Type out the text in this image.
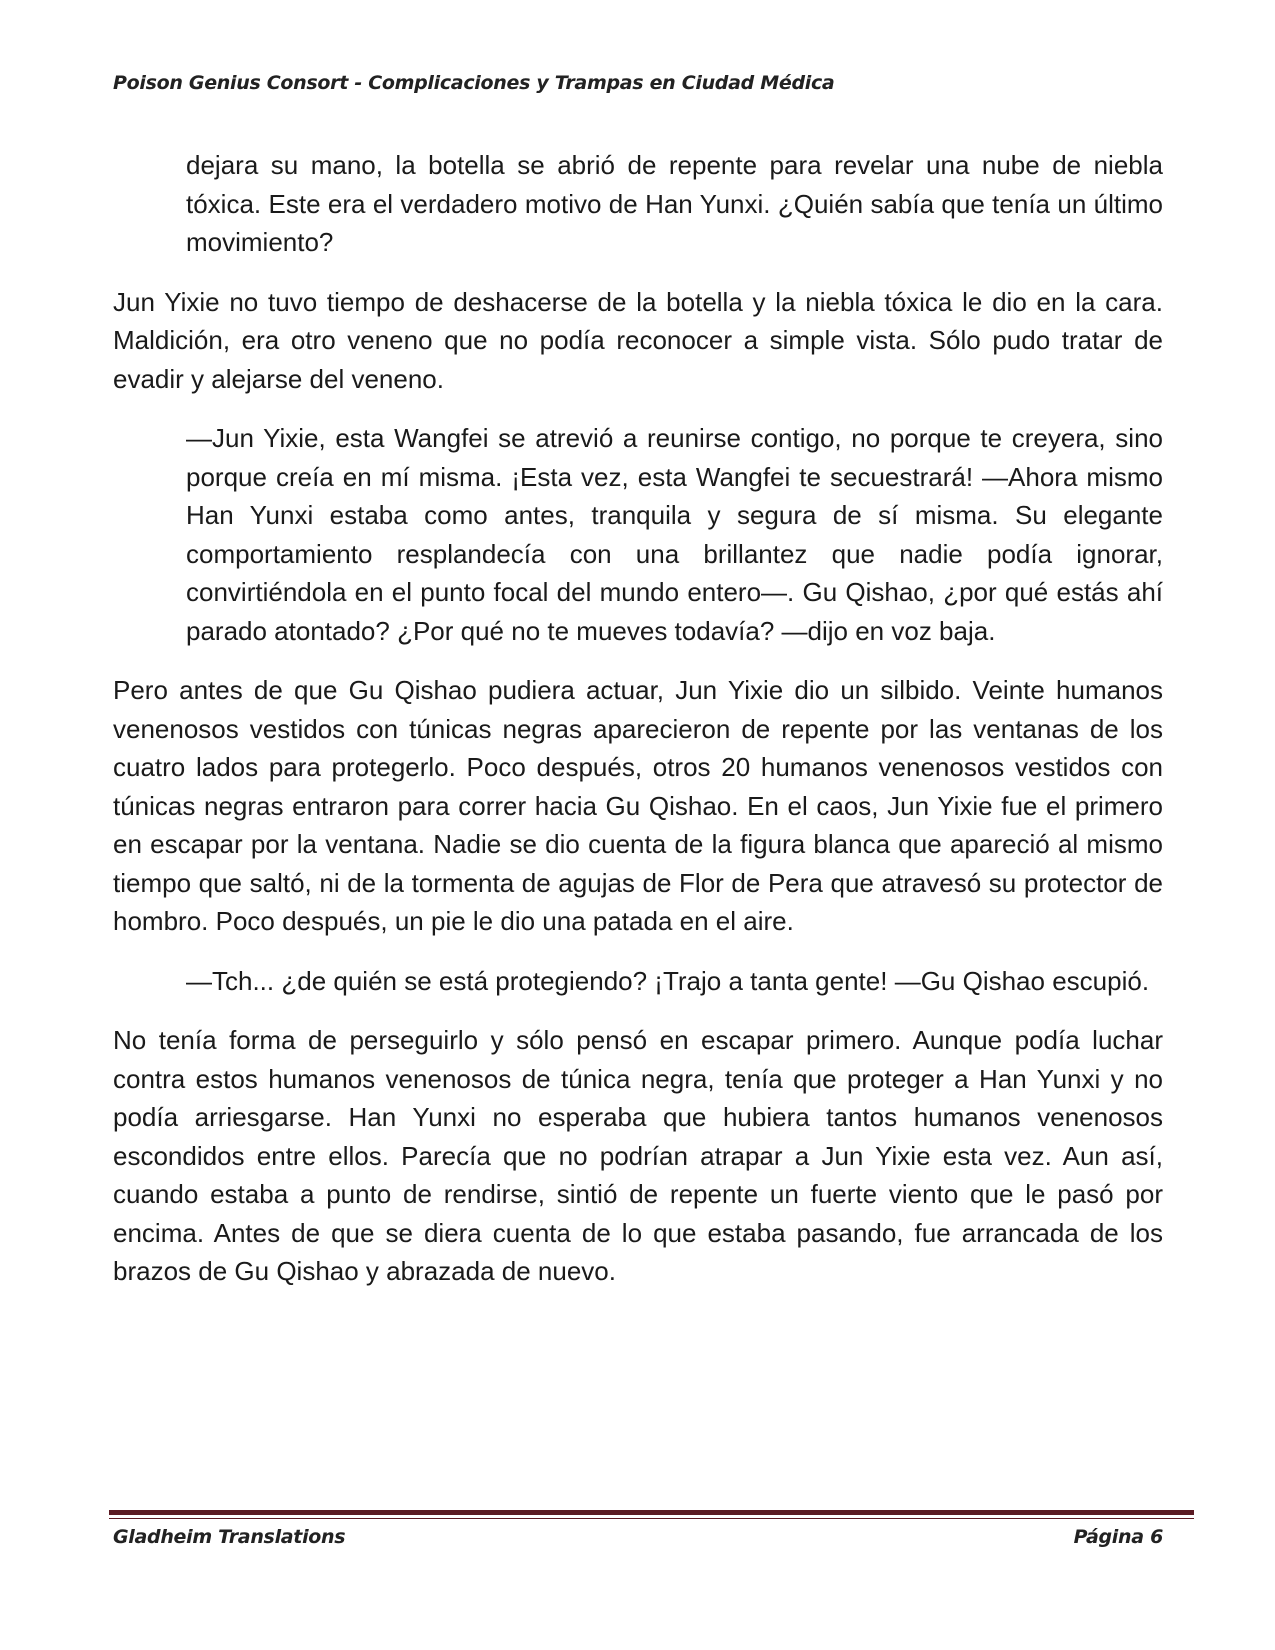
Poison Genius Consort - Complicaciones y Trampas en Ciudad Médica

dejara su mano, la botella se abrió de repente para revelar una nube de niebla tóxica. Este era el verdadero motivo de Han Yunxi. ¿Quién sabía que tenía un último movimiento?

Jun Yixie no tuvo tiempo de deshacerse de la botella y la niebla tóxica le dio en la cara. Maldición, era otro veneno que no podía reconocer a simple vista. Sólo pudo tratar de evadir y alejarse del veneno.

—Jun Yixie, esta Wangfei se atrevió a reunirse contigo, no porque te creyera, sino porque creía en mí misma. ¡Esta vez, esta Wangfei te secuestrará! —Ahora mismo Han Yunxi estaba como antes, tranquila y segura de sí misma. Su elegante comportamiento resplandecía con una brillantez que nadie podía ignorar, convirtiéndola en el punto focal del mundo entero—. Gu Qishao, ¿por qué estás ahí parado atontado? ¿Por qué no te mueves todavía? —dijo en voz baja.

Pero antes de que Gu Qishao pudiera actuar, Jun Yixie dio un silbido. Veinte humanos venenosos vestidos con túnicas negras aparecieron de repente por las ventanas de los cuatro lados para protegerlo. Poco después, otros 20 humanos venenosos vestidos con túnicas negras entraron para correr hacia Gu Qishao. En el caos, Jun Yixie fue el primero en escapar por la ventana. Nadie se dio cuenta de la figura blanca que apareció al mismo tiempo que saltó, ni de la tormenta de agujas de Flor de Pera que atravesó su protector de hombro. Poco después, un pie le dio una patada en el aire.

—Tch... ¿de quién se está protegiendo? ¡Trajo a tanta gente! —Gu Qishao escupió.

No tenía forma de perseguirlo y sólo pensó en escapar primero. Aunque podía luchar contra estos humanos venenosos de túnica negra, tenía que proteger a Han Yunxi y no podía arriesgarse. Han Yunxi no esperaba que hubiera tantos humanos venenosos escondidos entre ellos. Parecía que no podrían atrapar a Jun Yixie esta vez. Aun así, cuando estaba a punto de rendirse, sintió de repente un fuerte viento que le pasó por encima. Antes de que se diera cuenta de lo que estaba pasando, fue arrancada de los brazos de Gu Qishao y abrazada de nuevo.

Gladheim Translations	Página 6
